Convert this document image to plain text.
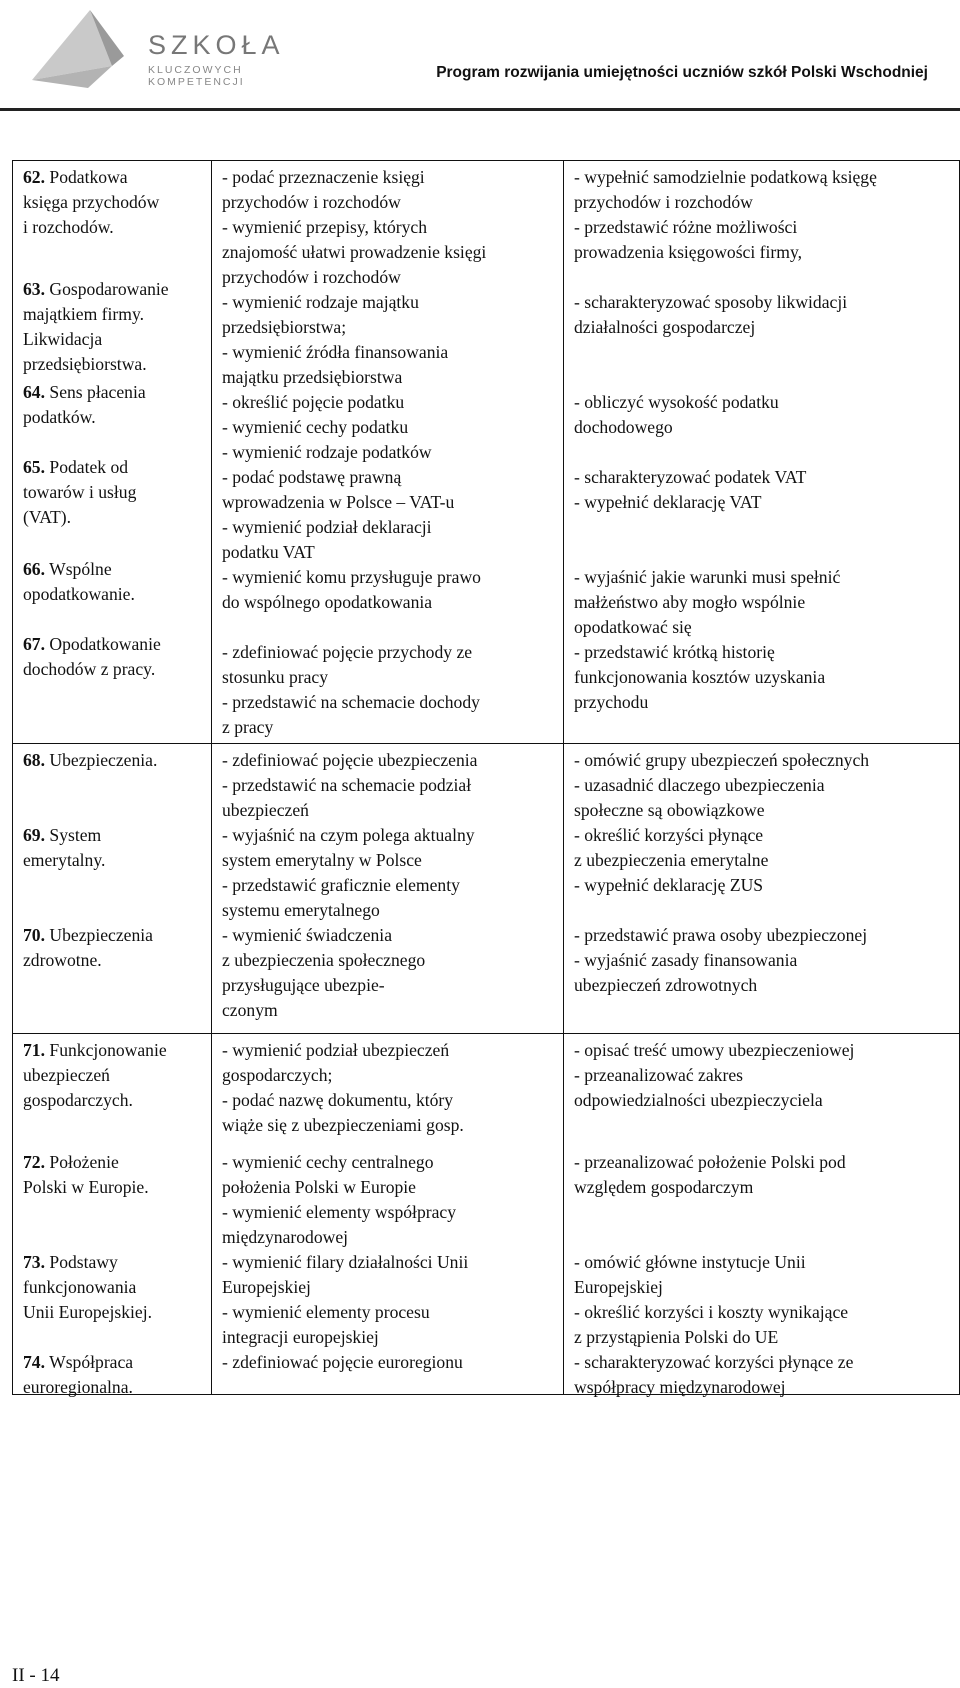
SZKOŁA
KLUCZOWYCH KOMPETENCJI
Program rozwijania umiejętności uczniów szkół Polski Wschodniej
62. Podatkowa
księga przychodów
i rozchodów.
63. Gospodarowanie
majątkiem firmy.
Likwidacja
przedsiębiorstwa.
64. Sens płacenia
podatków.
65. Podatek od
towarów i usług
(VAT).
66. Wspólne
opodatkowanie.
67. Opodatkowanie
dochodów z pracy.
- podać przeznaczenie księgi
przychodów i rozchodów
- wymienić przepisy, których
znajomość ułatwi prowadzenie księgi
przychodów i rozchodów
- wymienić rodzaje majątku
przedsiębiorstwa;
- wymienić źródła finansowania
majątku przedsiębiorstwa
- określić pojęcie podatku
- wymienić cechy podatku
- wymienić rodzaje podatków
- podać podstawę prawną
wprowadzenia w Polsce – VAT-u
- wymienić podział deklaracji
podatku VAT
- wymienić komu przysługuje prawo
do wspólnego opodatkowania
- zdefiniować pojęcie przychody ze
stosunku pracy
- przedstawić na schemacie dochody
z pracy
- wypełnić samodzielnie podatkową księgę
przychodów i rozchodów
- przedstawić różne możliwości
prowadzenia księgowości firmy,
- scharakteryzować sposoby likwidacji
działalności gospodarczej
- obliczyć wysokość podatku
dochodowego
- scharakteryzować podatek VAT
- wypełnić deklarację VAT
- wyjaśnić jakie warunki musi spełnić
małżeństwo aby mogło wspólnie
opodatkować się
- przedstawić krótką historię
funkcjonowania kosztów uzyskania
przychodu
68. Ubezpieczenia.
69. System
emerytalny.
70. Ubezpieczenia
zdrowotne.
- zdefiniować pojęcie ubezpieczenia
- przedstawić na schemacie podział
ubezpieczeń
- wyjaśnić na czym polega aktualny
system emerytalny w Polsce
- przedstawić graficznie elementy
systemu emerytalnego
- wymienić świadczenia
z ubezpieczenia społecznego
przysługujące ubezpie-
czonym
- omówić grupy ubezpieczeń społecznych
- uzasadnić dlaczego ubezpieczenia
społeczne są obowiązkowe
- określić korzyści płynące
z ubezpieczenia emerytalne
- wypełnić deklarację ZUS
- przedstawić prawa osoby ubezpieczonej
- wyjaśnić zasady finansowania
ubezpieczeń zdrowotnych
71. Funkcjonowanie
ubezpieczeń
gospodarczych.
72. Położenie
Polski w Europie.
73. Podstawy
funkcjonowania
Unii Europejskiej.
74. Współpraca
euroregionalna.
- wymienić podział ubezpieczeń
gospodarczych;
- podać nazwę dokumentu, który
wiąże się z ubezpieczeniami gosp.
- wymienić cechy centralnego
położenia Polski w Europie
- wymienić elementy współpracy
międzynarodowej
- wymienić filary działalności Unii
Europejskiej
- wymienić elementy procesu
integracji europejskiej
- zdefiniować pojęcie euroregionu
- opisać treść umowy ubezpieczeniowej
- przeanalizować zakres
odpowiedzialności ubezpieczyciela
- przeanalizować położenie Polski pod
względem gospodarczym
- omówić główne instytucje Unii
Europejskiej
- określić korzyści i koszty wynikające
z przystąpienia Polski do UE
- scharakteryzować korzyści płynące ze
współpracy międzynarodowej
II - 14
